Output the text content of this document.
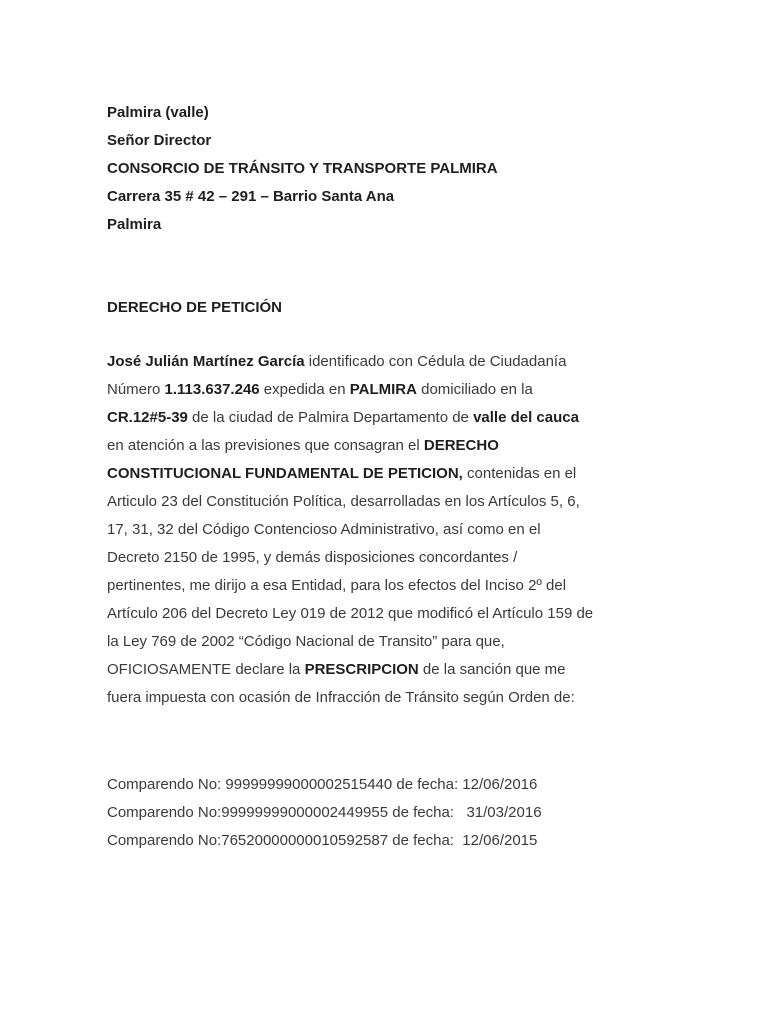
Palmira (valle)
Señor Director
CONSORCIO DE TRÁNSITO Y TRANSPORTE PALMIRA
Carrera 35 # 42 – 291 – Barrio Santa Ana
Palmira
DERECHO DE PETICIÓN
José Julián Martínez García identificado con Cédula de Ciudadanía
Número 1.113.637.246 expedida en PALMIRA domiciliado en la
CR.12#5-39 de la ciudad de Palmira Departamento de valle del cauca
en atención a las previsiones que consagran el DERECHO
CONSTITUCIONAL FUNDAMENTAL DE PETICION, contenidas en el
Articulo 23 del Constitución Política, desarrolladas en los Artículos 5, 6,
17, 31, 32 del Código Contencioso Administrativo, así como en el
Decreto 2150 de 1995, y demás disposiciones concordantes /
pertinentes, me dirijo a esa Entidad, para los efectos del Inciso 2º del
Artículo 206 del Decreto Ley 019 de 2012 que modificó el Artículo 159 de
la Ley 769 de 2002 “Código Nacional de Transito” para que,
OFICIOSAMENTE declare la PRESCRIPCION de la sanción que me
fuera impuesta con ocasión de Infracción de Tránsito según Orden de:
Comparendo No: 99999999000002515440 de fecha: 12/06/2016
Comparendo No:99999999000002449955 de fecha:   31/03/2016
Comparendo No:76520000000010592587 de fecha:  12/06/2015
